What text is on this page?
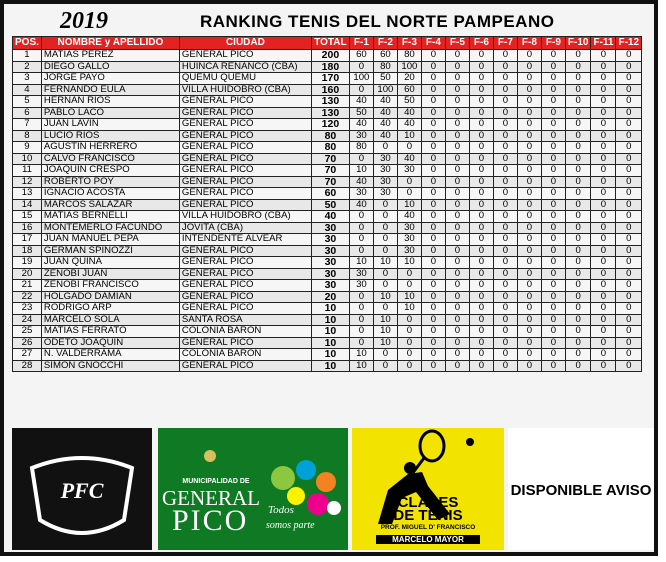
2019	RANKING TENIS DEL NORTE PAMPEANO
POS.	NOMBRE y APELLIDO	CIUDAD	TOTAL	F-1	F-2	F-3	F-4	F-5	F-6	F-7	F-8	F-9	F-10	F-11	F-12
1	MATIAS PEREZ	GENERAL PICO	200	60	60	80	0	0	0	0	0	0	0	0	0
2	DIEGO GALLO	HUINCA RENANCO (CBA)	180	0	80	100	0	0	0	0	0	0	0	0	0
3	JORGE PAYO	QUEMU QUEMU	170	100	50	20	0	0	0	0	0	0	0	0	0
4	FERNANDO EULA	VILLA HUIDOBRO (CBA)	160	0	100	60	0	0	0	0	0	0	0	0	0
5	HERNAN RIOS	GENERAL PICO	130	40	40	50	0	0	0	0	0	0	0	0	0
6	PABLO LACO	GENERAL PICO	130	50	40	40	0	0	0	0	0	0	0	0	0
7	JUAN LAVIN	GENERAL PICO	120	40	40	40	0	0	0	0	0	0	0	0	0
8	LUCIO RIOS	GENERAL PICO	80	30	40	10	0	0	0	0	0	0	0	0	0
9	AGUSTIN HERRERO	GENERAL PICO	80	80	0	0	0	0	0	0	0	0	0	0	0
10	CALVO FRANCISCO	GENERAL PICO	70	0	30	40	0	0	0	0	0	0	0	0	0
11	JOAQUIN CRESPO	GENERAL PICO	70	10	30	30	0	0	0	0	0	0	0	0	0
12	ROBERTO POY	GENERAL PICO	70	40	30	0	0	0	0	0	0	0	0	0	0
13	IGNACIO ACOSTA	GENERAL PICO	60	30	30	0	0	0	0	0	0	0	0	0	0
14	MARCOS SALAZAR	GENERAL PICO	50	40	0	10	0	0	0	0	0	0	0	0	0
15	MATIAS BERNELLI	VILLA HUIDOBRO (CBA)	40	0	0	40	0	0	0	0	0	0	0	0	0
16	MONTEMERLO FACUNDO	JOVITA (CBA)	30	0	0	30	0	0	0	0	0	0	0	0	0
17	JUAN MANUEL PEPA	INTENDENTE ALVEAR	30	0	0	30	0	0	0	0	0	0	0	0	0
18	GERMAN SPINOZZI	GENERAL PICO	30	0	0	30	0	0	0	0	0	0	0	0	0
19	JUAN QUINA	GENERAL PICO	30	10	10	10	0	0	0	0	0	0	0	0	0
20	ZENOBI JUAN	GENERAL PICO	30	30	0	0	0	0	0	0	0	0	0	0	0
21	ZENOBI FRANCISCO	GENERAL PICO	30	30	0	0	0	0	0	0	0	0	0	0	0
22	HOLGADO DAMIAN	GENERAL PICO	20	0	10	10	0	0	0	0	0	0	0	0	0
23	RODRIGO ARP	GENERAL PICO	10	0	0	10	0	0	0	0	0	0	0	0	0
24	MARCELO SOLA	SANTA ROSA	10	0	10	0	0	0	0	0	0	0	0	0	0
25	MATIAS FERRATO	COLONIA BARON	10	0	10	0	0	0	0	0	0	0	0	0	0
26	ODETO JOAQUIN	GENERAL PICO	10	0	10	0	0	0	0	0	0	0	0	0	0
27	N. VALDERRAMA	COLONIA BARON	10	10	0	0	0	0	0	0	0	0	0	0	0
28	SIMON GNOCCHI	GENERAL PICO	10	10	0	0	0	0	0	0	0	0	0	0	0
PFC	MUNICIPALIDAD DE
GENERAL
PICO Todos
somos parte
CLASES
DE TENIS
PROF. MIGUEL D' FRANCISCO
MARCELO MAYOR
DISPONIBLE AVISO
